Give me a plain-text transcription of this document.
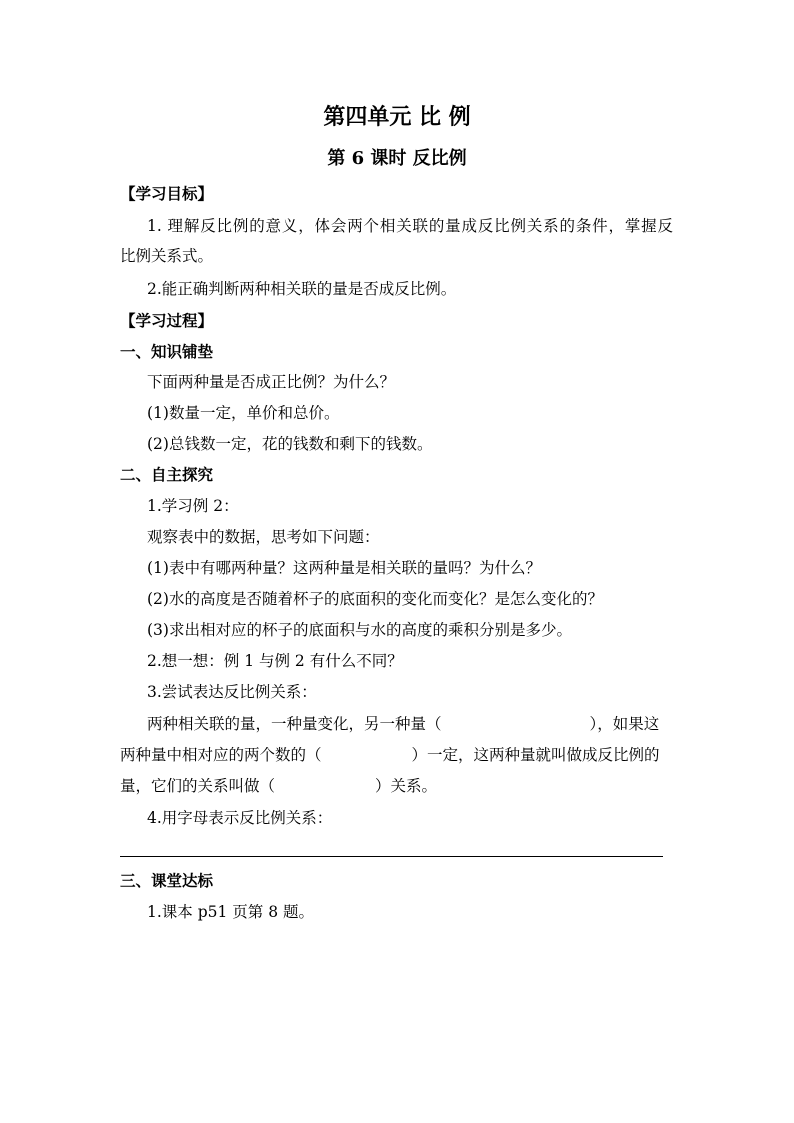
第四单元 比 例
第 6 课时 反比例
【学习目标】
1. 理解反比例的意义，体会两个相关联的量成反比例关系的条件，掌握反
比例关系式。
2.能正确判断两种相关联的量是否成反比例。
【学习过程】
一、知识铺垫
下面两种量是否成正比例？为什么？
(1)数量一定，单价和总价。
(2)总钱数一定，花的钱数和剩下的钱数。
二、自主探究
1.学习例 2：
观察表中的数据，思考如下问题：
(1)表中有哪两种量？这两种量是相关联的量吗？为什么？
(2)水的高度是否随着杯子的底面积的变化而变化？是怎么变化的？
(3)求出相对应的杯子的底面积与水的高度的乘积分别是多少。
2.想一想：例 1 与例 2 有什么不同？
3.尝试表达反比例关系：
两种相关联的量，一种量变化，另一种量（	），如果这
两种量中相对应的两个数的（	）一定，这两种量就叫做成反比例的
量，它们的关系叫做（	）关系。
4.用字母表示反比例关系：
三、课堂达标
1.课本 p51 页第 8 题。
